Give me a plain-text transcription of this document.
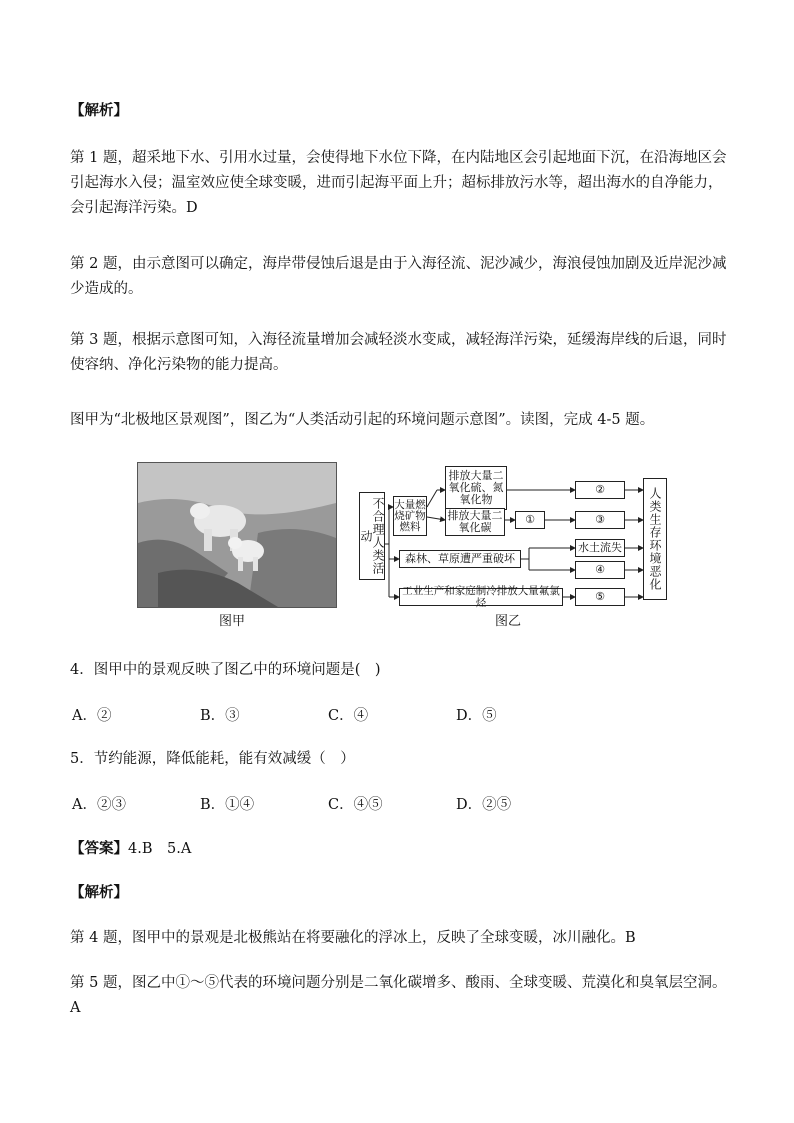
【解析】

第 1 题，超采地下水、引用水过量，会使得地下水位下降，在内陆地区会引起地面下沉，在沿海地区会引起海水入侵；温室效应使全球变暖，进而引起海平面上升；超标排放污水等，超出海水的自净能力，会引起海洋污染。D

第 2 题，由示意图可以确定，海岸带侵蚀后退是由于入海径流、泥沙减少，海浪侵蚀加剧及近岸泥沙减少造成的。

第 3 题，根据示意图可知，入海径流量增加会减轻淡水变咸，减轻海洋污染，延缓海岸线的后退，同时使容纳、净化污染物的能力提高。

图甲为“北极地区景观图”，图乙为“人类活动引起的环境问题示意图”。读图，完成 4-5 题。

图甲
不合理人类活动
大量燃烧矿物燃料
排放大量二氧化硫、氮氧化物
排放大量二氧化碳
①
森林、草原遭严重破坏
工业生产和家庭制冷排放大量氟氯烃
②
③
水土流失
④
⑤
人类生存环境恶化
图乙

4．图甲中的景观反映了图乙中的环境问题是(　)

A．②	B．③	C．④	D．⑤

5．节约能源，降低能耗，能有效减缓（　）

A．②③	B．①④	C．④⑤	D．②⑤

【答案】4.B　5.A

【解析】

第 4 题，图甲中的景观是北极熊站在将要融化的浮冰上，反映了全球变暖，冰川融化。B

第 5 题，图乙中①～⑤代表的环境问题分别是二氧化碳增多、酸雨、全球变暖、荒漠化和臭氧层空洞。A
